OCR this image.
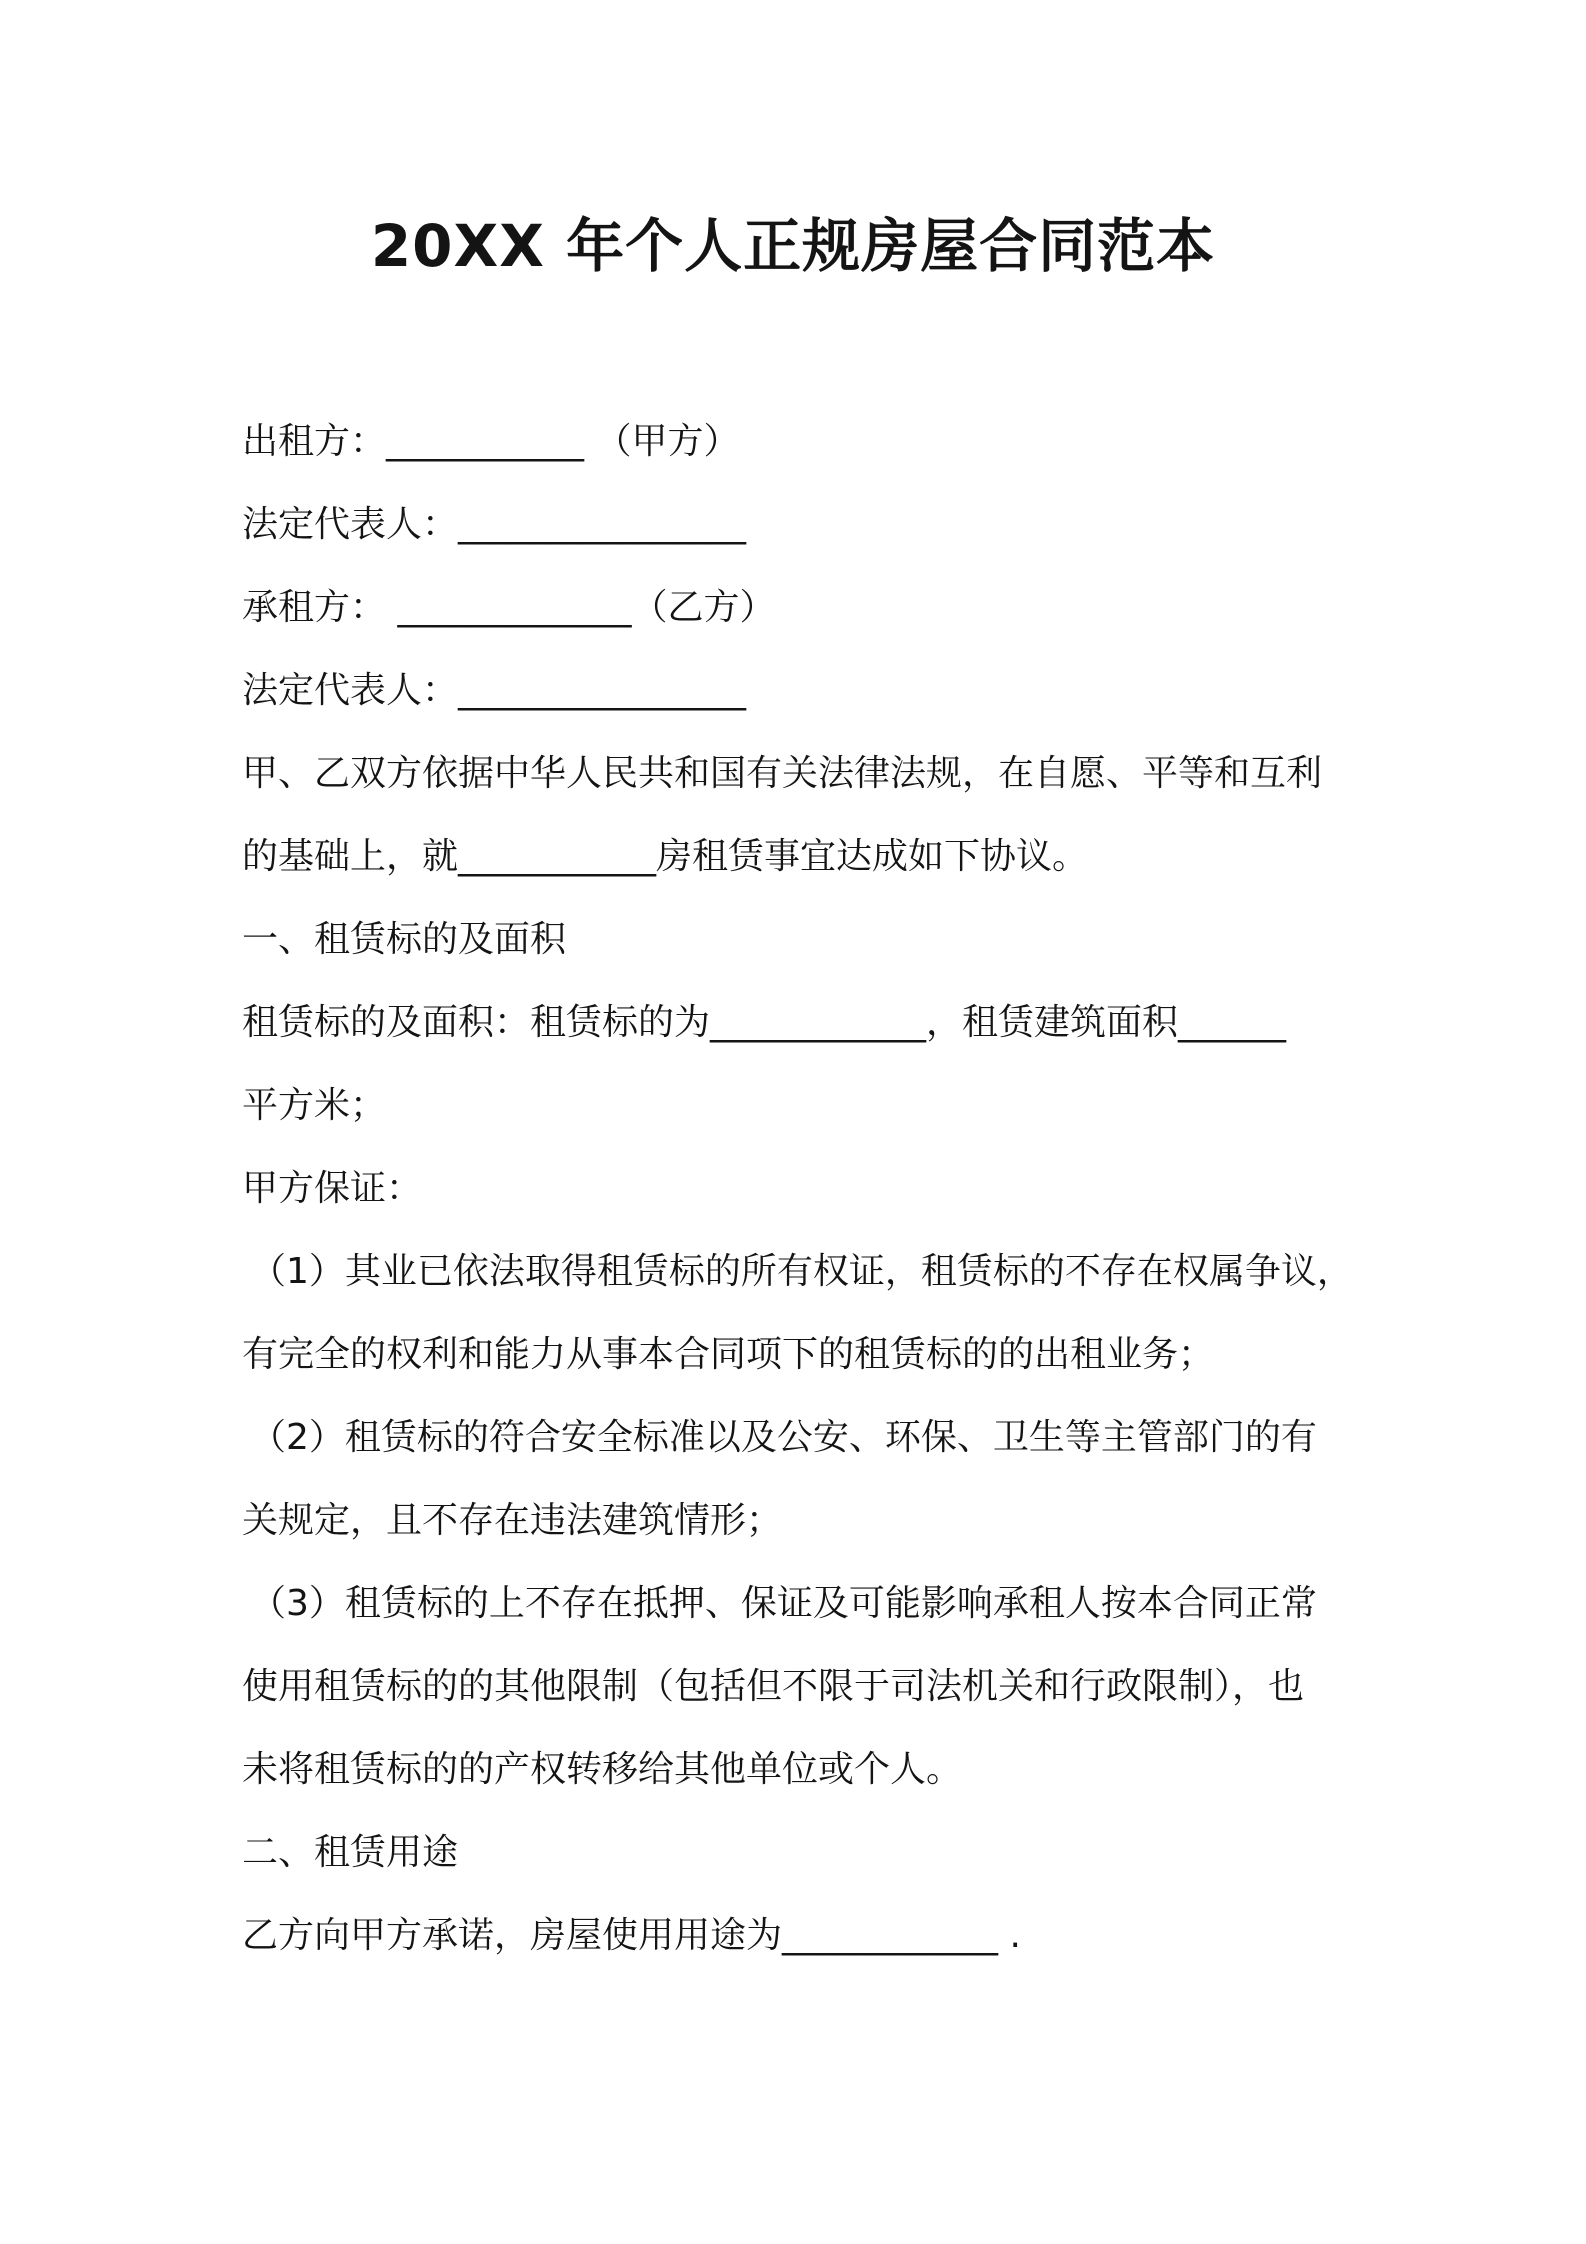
20XX 年个人正规房屋合同范本
出租方：___________ （甲方）
法定代表人：________________
承租方： _____________（乙方）
法定代表人：________________
甲、乙双方依据中华人民共和国有关法律法规，在自愿、平等和互利
的基础上，就___________房租赁事宜达成如下协议。
一、租赁标的及面积
租赁标的及面积：租赁标的为____________，租赁建筑面积______
平方米；
甲方保证：
（1）其业已依法取得租赁标的所有权证，租赁标的不存在权属争议，
有完全的权利和能力从事本合同项下的租赁标的的出租业务；
（2）租赁标的符合安全标准以及公安、环保、卫生等主管部门的有
关规定，且不存在违法建筑情形；
（3）租赁标的上不存在抵押、保证及可能影响承租人按本合同正常
使用租赁标的的其他限制（包括但不限于司法机关和行政限制），也
未将租赁标的的产权转移给其他单位或个人。
二、租赁用途
乙方向甲方承诺，房屋使用用途为____________ .
